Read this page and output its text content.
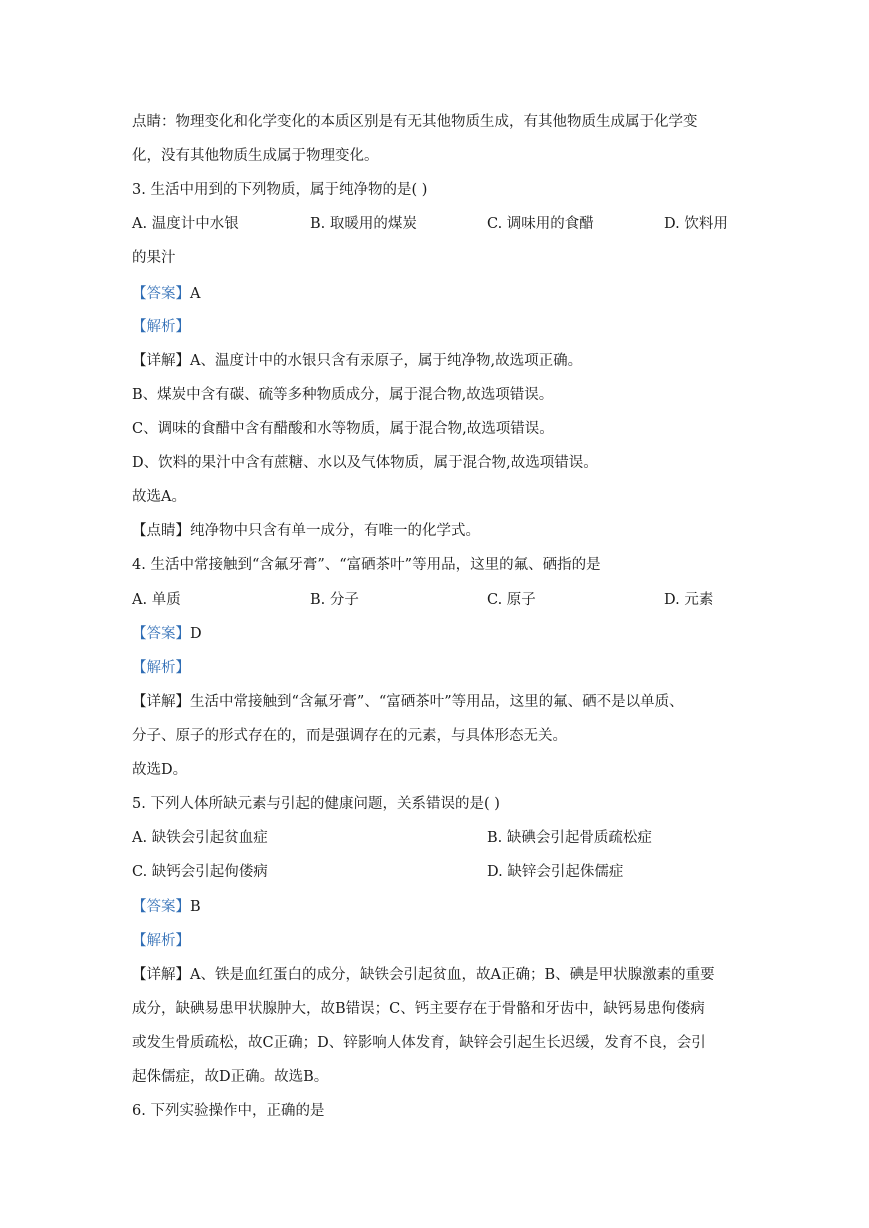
点睛：物理变化和化学变化的本质区别是有无其他物质生成，有其他物质生成属于化学变
化，没有其他物质生成属于物理变化。
3. 生活中用到的下列物质，属于纯净物的是( )
A. 温度计中水银	B. 取暖用的煤炭	C. 调味用的食醋	D. 饮料用
的果汁
【答案】A
【解析】
【详解】A、温度计中的水银只含有汞原子，属于纯净物,故选项正确。
B、煤炭中含有碳、硫等多种物质成分，属于混合物,故选项错误。
C、调味的食醋中含有醋酸和水等物质，属于混合物,故选项错误。
D、饮料的果汁中含有蔗糖、水以及气体物质，属于混合物,故选项错误。
故选A。
【点睛】纯净物中只含有单一成分，有唯一的化学式。
4. 生活中常接触到“含氟牙膏”、“富硒茶叶”等用品，这里的氟、硒指的是
A. 单质	B. 分子	C. 原子	D. 元素
【答案】D
【解析】
【详解】生活中常接触到“含氟牙膏”、“富硒茶叶”等用品，这里的氟、硒不是以单质、
分子、原子的形式存在的，而是强调存在的元素，与具体形态无关。
故选D。
5. 下列人体所缺元素与引起的健康问题，关系错误的是( )
A. 缺铁会引起贫血症	B. 缺碘会引起骨质疏松症
C. 缺钙会引起佝偻病	D. 缺锌会引起侏儒症
【答案】B
【解析】
【详解】A、铁是血红蛋白的成分，缺铁会引起贫血，故A正确；B、碘是甲状腺激素的重要
成分，缺碘易患甲状腺肿大，故B错误；C、钙主要存在于骨骼和牙齿中，缺钙易患佝偻病
或发生骨质疏松，故C正确；D、锌影响人体发育，缺锌会引起生长迟缓，发育不良，会引
起侏儒症，故D正确。故选B。
6. 下列实验操作中，正确的是
